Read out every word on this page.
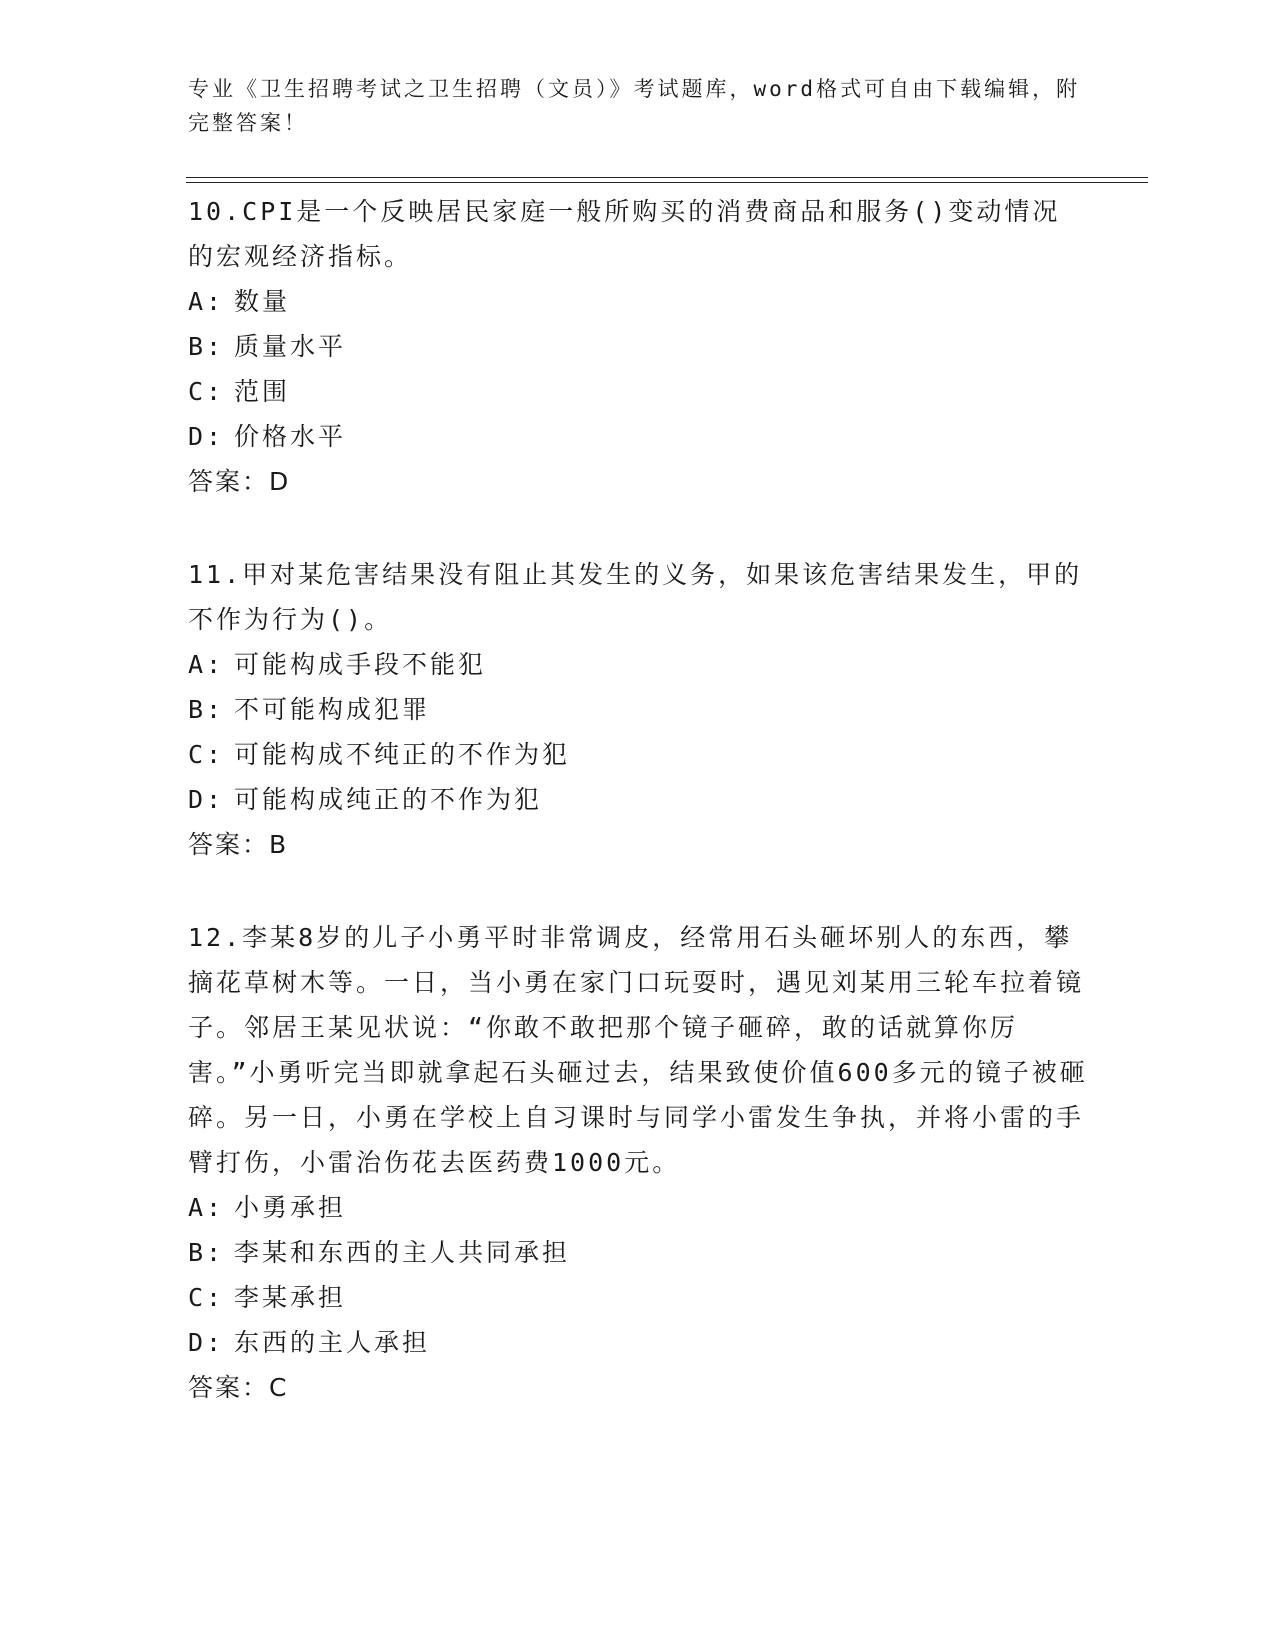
专业《卫生招聘考试之卫生招聘（文员）》考试题库，word格式可自由下载编辑，附完整答案！
10.CPI是一个反映居民家庭一般所购买的消费商品和服务()变动情况的宏观经济指标。
A: 数量
B: 质量水平
C: 范围
D: 价格水平
答案：D
11.甲对某危害结果没有阻止其发生的义务，如果该危害结果发生，甲的不作为行为()。
A: 可能构成手段不能犯
B: 不可能构成犯罪
C: 可能构成不纯正的不作为犯
D: 可能构成纯正的不作为犯
答案：B
12.李某8岁的儿子小勇平时非常调皮，经常用石头砸坏别人的东西，攀摘花草树木等。一日，当小勇在家门口玩耍时，遇见刘某用三轮车拉着镜子。邻居王某见状说：“你敢不敢把那个镜子砸碎，敢的话就算你厉害。”小勇听完当即就拿起石头砸过去，结果致使价值600多元的镜子被砸碎。另一日，小勇在学校上自习课时与同学小雷发生争执，并将小雷的手臂打伤，小雷治伤花去医药费1000元。
A: 小勇承担
B: 李某和东西的主人共同承担
C: 李某承担
D: 东西的主人承担
答案：C
